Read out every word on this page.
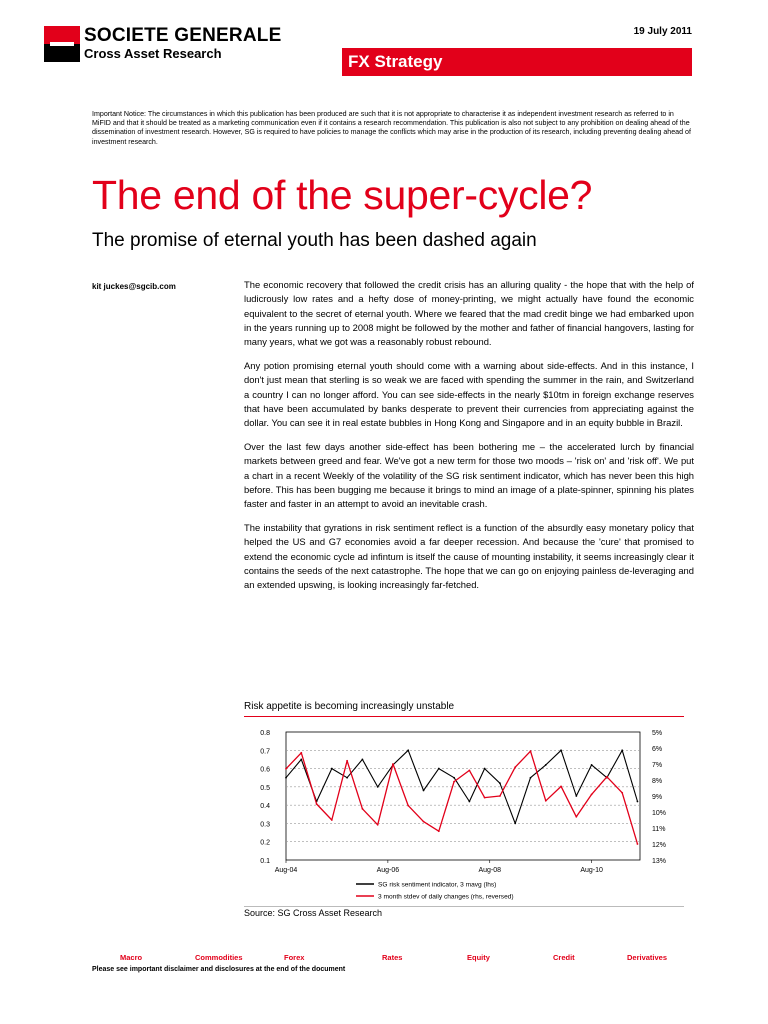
SOCIETE GENERALE
Cross Asset Research
19 July 2011
FX Strategy
Important Notice: The circumstances in which this publication has been produced are such that it is not appropriate to characterise it as independent investment research as referred to in MiFID and that it should be treated as a marketing communication even if it contains a research recommendation. This publication is also not subject to any prohibition on dealing ahead of the dissemination of investment research. However, SG is required to have policies to manage the conflicts which may arise in the production of its research, including preventing dealing ahead of investment research.
The end of the super-cycle?
The promise of eternal youth has been dashed again
kit juckes@sgcib.com	The economic recovery that followed the credit crisis has an alluring quality - the hope that with the help of ludicrously low rates and a hefty dose of money-printing, we might actually have found the economic equivalent to the secret of eternal youth. Where we feared that the mad credit binge we had embarked upon in the years running up to 2008 might be followed by the mother and father of financial hangovers, lasting for many years, what we got was a reasonably robust rebound.

Any potion promising eternal youth should come with a warning about side-effects. And in this instance, I don't just mean that sterling is so weak we are faced with spending the summer in the rain, and Switzerland a country I can no longer afford. You can see side-effects in the nearly $10tm in foreign exchange reserves that have been accumulated by banks desperate to prevent their currencies from appreciating against the dollar. You can see it in real estate bubbles in Hong Kong and Singapore and in an equity bubble in Brazil.

Over the last few days another side-effect has been bothering me – the accelerated lurch by financial markets between greed and fear. We've got a new term for those two moods – 'risk on' and 'risk off'. We put a chart in a recent Weekly of the volatility of the SG risk sentiment indicator, which has never been this high before. This has been bugging me because it brings to mind an image of a plate-spinner, spinning his plates faster and faster in an attempt to avoid an inevitable crash.

The instability that gyrations in risk sentiment reflect is a function of the absurdly easy monetary policy that helped the US and G7 economies avoid a far deeper recession. And because the 'cure' that promised to extend the economic cycle ad infintum is itself the cause of mounting instability, it seems increasingly clear it contains the seeds of the next catastrophe. The hope that we can go on enjoying painless de-leveraging and an extended upswing, is looking increasingly far-fetched.

Risk appetite is becoming increasingly unstable
0.8
0.7
0.6
0.5
0.4
0.3
0.2
0.1
5%
6%
7%
8%
9%
10%
11%
12%
13%
Aug-04	Aug-06	Aug-08	Aug-10
SG risk sentiment indicator, 3 mavg (lhs)
3 month stdev of daily changes (rhs, reversed)
Source: SG Cross Asset Research
Macro	Commodities	Forex	Rates	Equity	Credit	Derivatives
Please see important disclaimer and disclosures at the end of the document
